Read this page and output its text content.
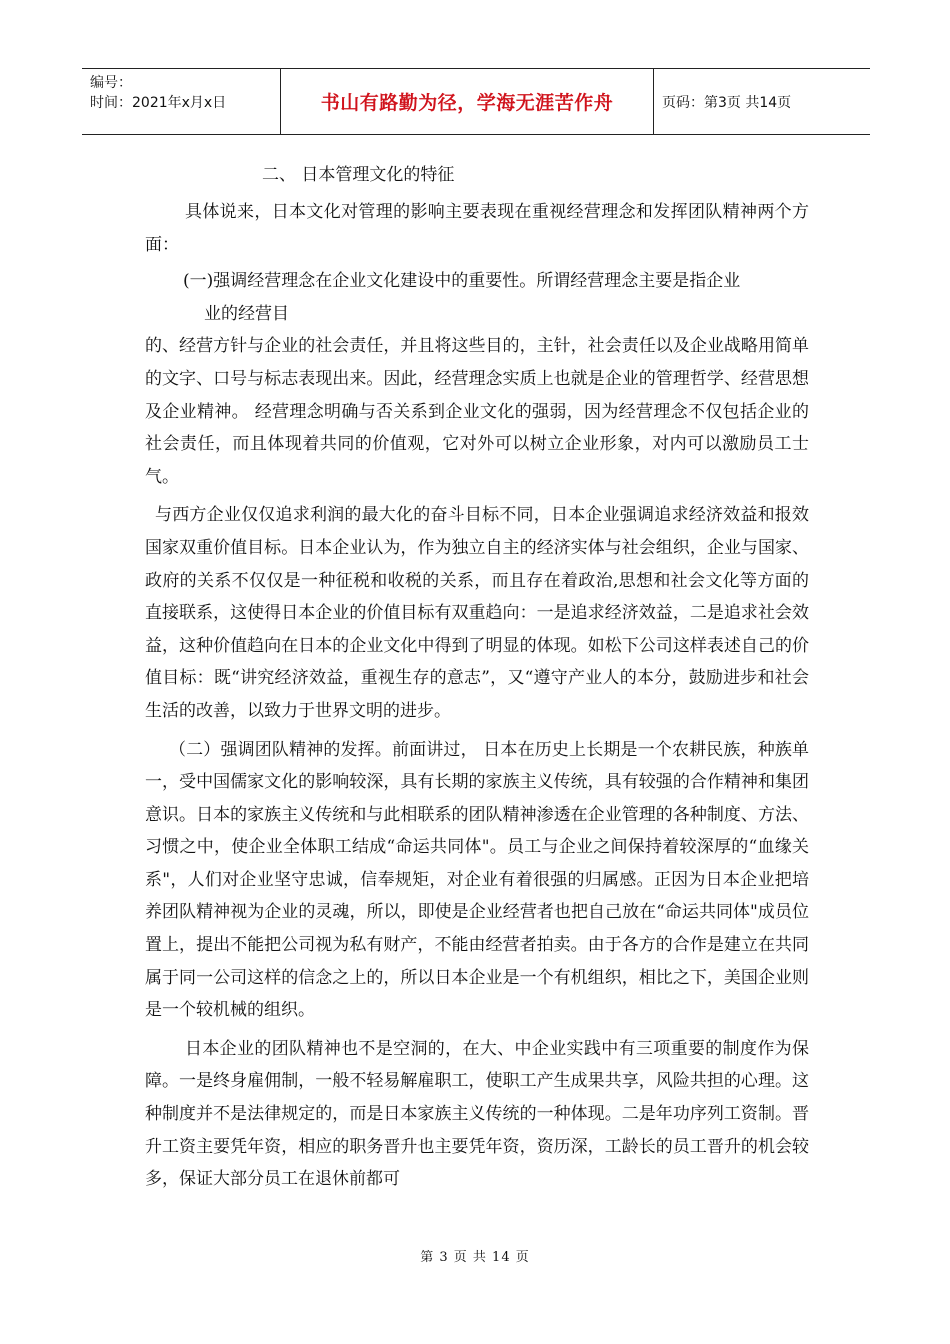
编号：
时间：2021年x月x日	书山有路勤为径，学海无涯苦作舟	页码：第3页 共14页
二、 日本管理文化的特征

具体说来，日本文化对管理的影响主要表现在重视经营理念和发挥团队精神两个方面：

(一)强调经营理念在企业文化建设中的重要性。所谓经营理念主要是指企业

业的经营目

的、经营方针与企业的社会责任，并且将这些目的，主针，社会责任以及企业战略用简单的文字、口号与标志表现出来。因此，经营理念实质上也就是企业的管理哲学、经营思想及企业精神。 经营理念明确与否关系到企业文化的强弱，因为经营理念不仅包括企业的社会责任，而且体现着共同的价值观，它对外可以树立企业形象，对内可以激励员工士气。

与西方企业仅仅追求利润的最大化的奋斗目标不同，日本企业强调追求经济效益和报效国家双重价值目标。日本企业认为，作为独立自主的经济实体与社会组织，企业与国家、政府的关系不仅仅是一种征税和收税的关系，而且存在着政治,思想和社会文化等方面的直接联系，这使得日本企业的价值目标有双重趋向：一是追求经济效益，二是追求社会效益，这种价值趋向在日本的企业文化中得到了明显的体现。如松下公司这样表述自己的价值目标：既“讲究经济效益，重视生存的意志”，又“遵守产业人的本分，鼓励进步和社会生活的改善，以致力于世界文明的进步。

（二）强调团队精神的发挥。前面讲过， 日本在历史上长期是一个农耕民族，种族单一，受中国儒家文化的影响较深，具有长期的家族主义传统，具有较强的合作精神和集团意识。日本的家族主义传统和与此相联系的团队精神渗透在企业管理的各种制度、方法、习惯之中，使企业全体职工结成“命运共同体"。员工与企业之间保持着较深厚的“血缘关系"，人们对企业坚守忠诚，信奉规矩，对企业有着很强的归属感。正因为日本企业把培养团队精神视为企业的灵魂，所以，即使是企业经营者也把自己放在“命运共同体"成员位置上，提出不能把公司视为私有财产，不能由经营者拍卖。由于各方的合作是建立在共同属于同一公司这样的信念之上的，所以日本企业是一个有机组织，相比之下，美国企业则是一个较机械的组织。

日本企业的团队精神也不是空洞的，在大、中企业实践中有三项重要的制度作为保障。一是终身雇佣制，一般不轻易解雇职工，使职工产生成果共享，风险共担的心理。这种制度并不是法律规定的，而是日本家族主义传统的一种体现。二是年功序列工资制。晋升工资主要凭年资，相应的职务晋升也主要凭年资，资历深，工龄长的员工晋升的机会较多，保证大部分员工在退休前都可

第 3 页 共 14 页
